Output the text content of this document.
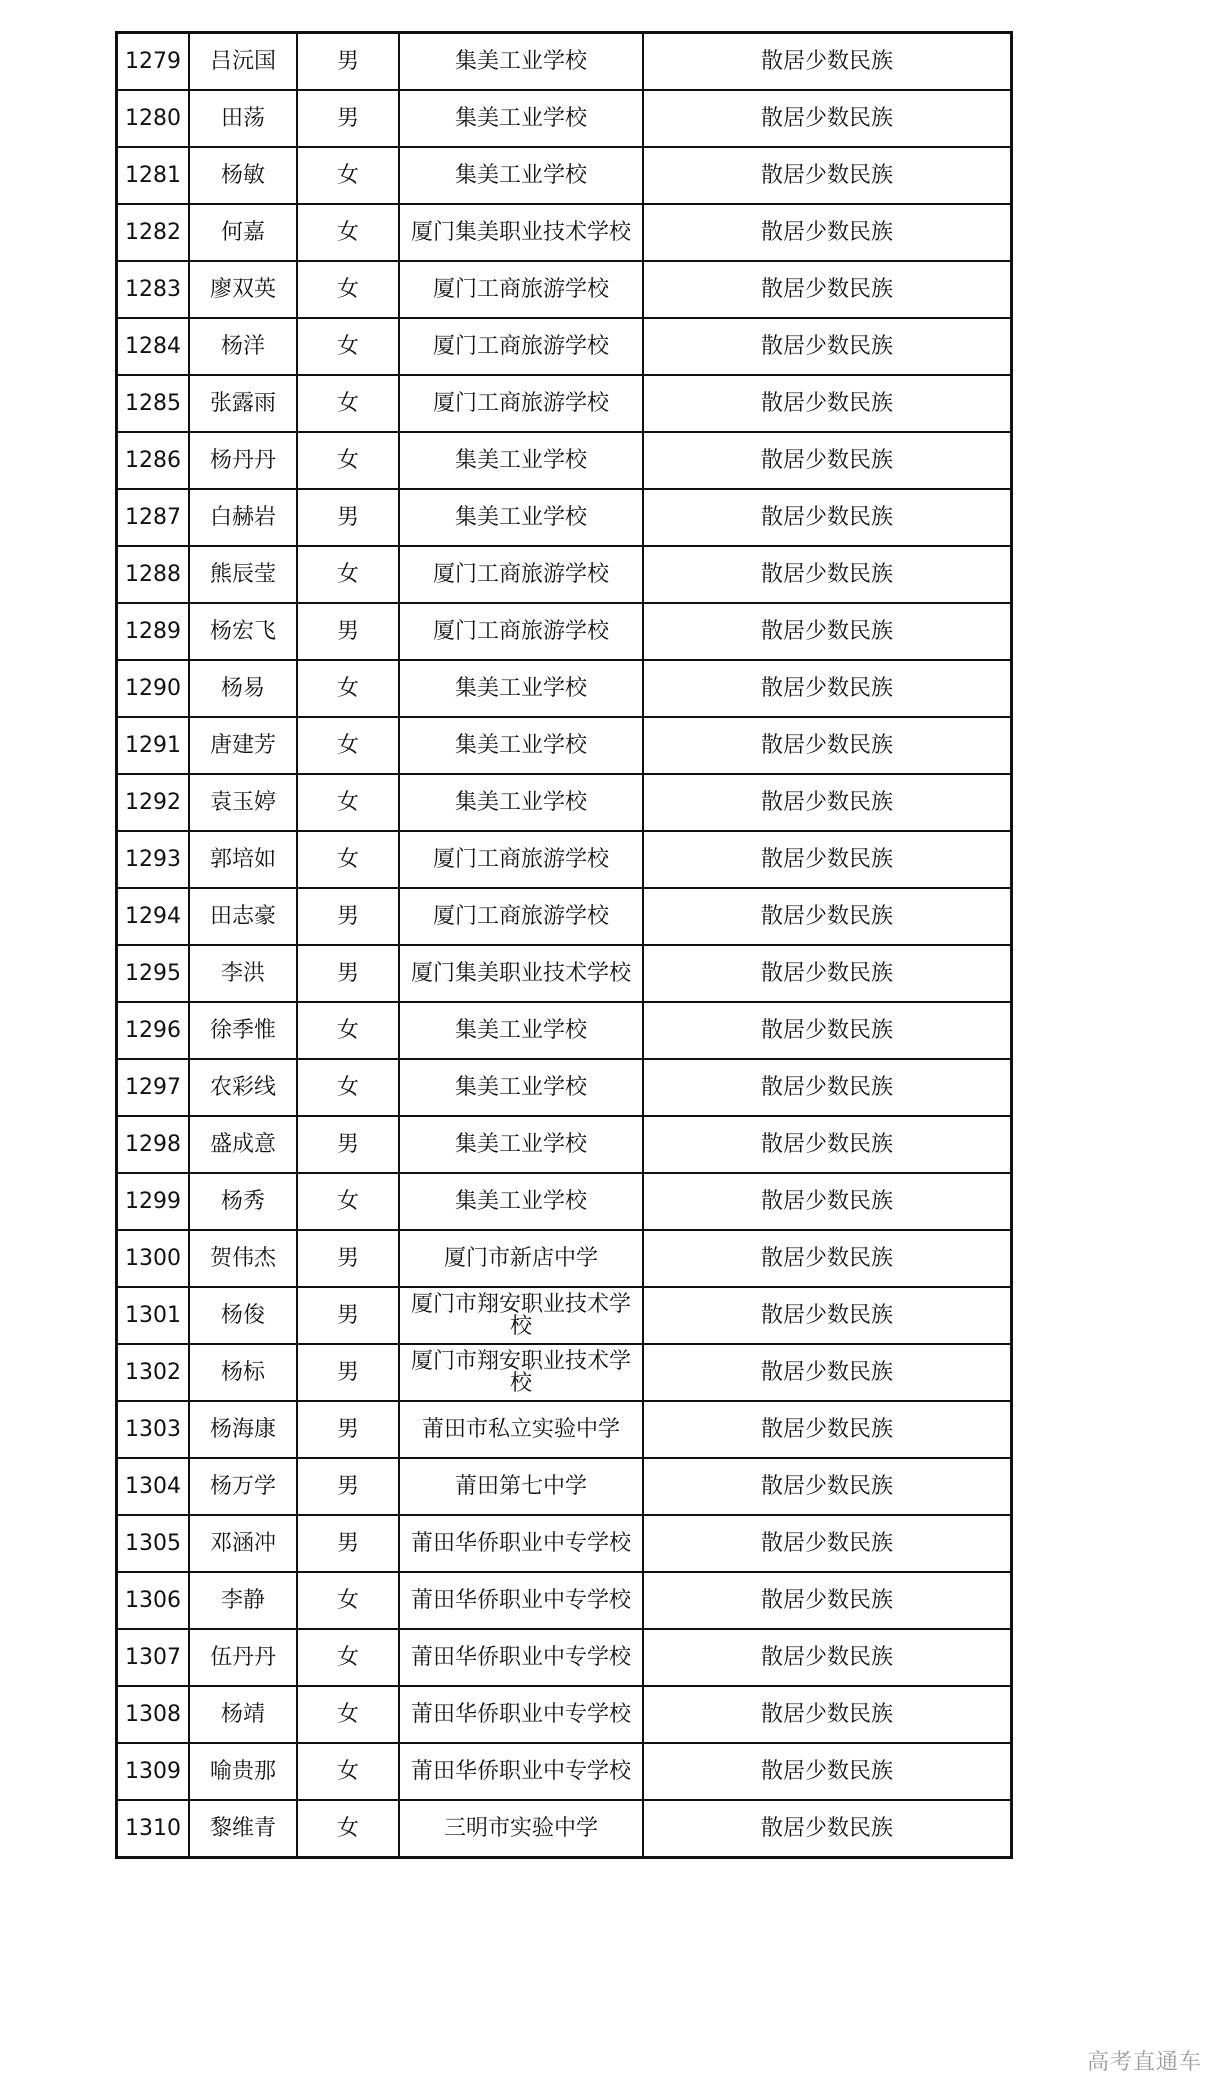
1279	吕沅国	男	集美工业学校	散居少数民族
1280	田荡	男	集美工业学校	散居少数民族
1281	杨敏	女	集美工业学校	散居少数民族
1282	何嘉	女	厦门集美职业技术学校	散居少数民族
1283	廖双英	女	厦门工商旅游学校	散居少数民族
1284	杨洋	女	厦门工商旅游学校	散居少数民族
1285	张露雨	女	厦门工商旅游学校	散居少数民族
1286	杨丹丹	女	集美工业学校	散居少数民族
1287	白赫岩	男	集美工业学校	散居少数民族
1288	熊辰莹	女	厦门工商旅游学校	散居少数民族
1289	杨宏飞	男	厦门工商旅游学校	散居少数民族
1290	杨易	女	集美工业学校	散居少数民族
1291	唐建芳	女	集美工业学校	散居少数民族
1292	袁玉婷	女	集美工业学校	散居少数民族
1293	郭培如	女	厦门工商旅游学校	散居少数民族
1294	田志豪	男	厦门工商旅游学校	散居少数民族
1295	李洪	男	厦门集美职业技术学校	散居少数民族
1296	徐季惟	女	集美工业学校	散居少数民族
1297	农彩线	女	集美工业学校	散居少数民族
1298	盛成意	男	集美工业学校	散居少数民族
1299	杨秀	女	集美工业学校	散居少数民族
1300	贺伟杰	男	厦门市新店中学	散居少数民族
1301	杨俊	男	厦门市翔安职业技术学校	散居少数民族
1302	杨标	男	厦门市翔安职业技术学校	散居少数民族
1303	杨海康	男	莆田市私立实验中学	散居少数民族
1304	杨万学	男	莆田第七中学	散居少数民族
1305	邓涵冲	男	莆田华侨职业中专学校	散居少数民族
1306	李静	女	莆田华侨职业中专学校	散居少数民族
1307	伍丹丹	女	莆田华侨职业中专学校	散居少数民族
1308	杨靖	女	莆田华侨职业中专学校	散居少数民族
1309	喻贵那	女	莆田华侨职业中专学校	散居少数民族
1310	黎维青	女	三明市实验中学	散居少数民族
高考直通车
